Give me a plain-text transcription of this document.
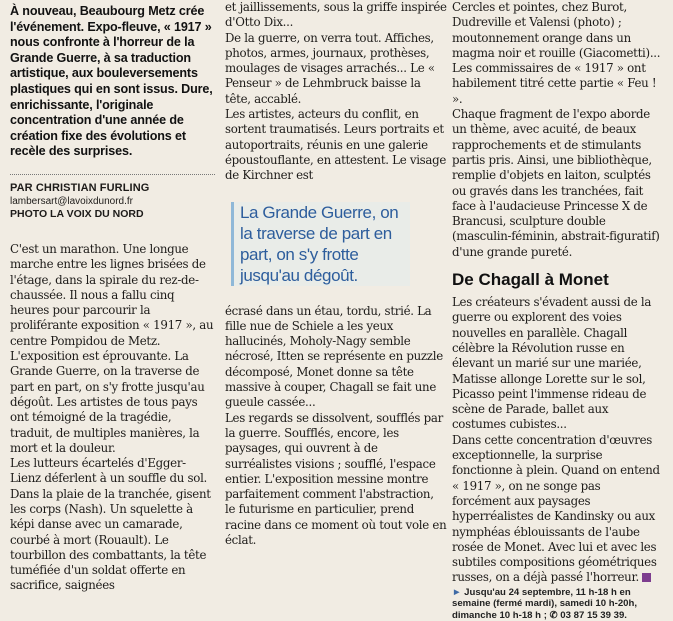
À nouveau, Beaubourg Metz crée l'événement. Expo-fleuve, « 1917 » nous confronte à l'horreur de la Grande Guerre, à sa traduction artistique, aux bouleversements plastiques qui en sont issus. Dure, enrichissante, l'originale concentration d'une année de création fixe des évolutions et recèle des surprises.
PAR CHRISTIAN FURLING
lambersart@lavoixdunord.fr
PHOTO LA VOIX DU NORD

C'est un marathon. Une longue marche entre les lignes brisées de l'étage, dans la spirale du rez-de-chaussée. Il nous a fallu cinq heures pour parcourir la proliférante exposition « 1917 », au centre Pompidou de Metz.

L'exposition est éprouvante. La Grande Guerre, on la traverse de part en part, on s'y frotte jusqu'au dégoût. Les artistes de tous pays ont témoigné de la tragédie, traduit, de multiples manières, la mort et la douleur.

Les lutteurs écartelés d'Egger-Lienz déferlent à un souffle du sol. Dans la plaie de la tranchée, gisent les corps (Nash). Un squelette à képi danse avec un camarade, courbé à mort (Rouault). Le tourbillon des combattants, la tête tuméfiée d'un soldat offerte en sacrifice, saignées

et jaillissements, sous la griffe inspirée d'Otto Dix...

De la guerre, on verra tout. Affiches, photos, armes, journaux, prothèses, moulages de visages arrachés... Le « Penseur » de Lehmbruck baisse la tête, accablé.

Les artistes, acteurs du conflit, en sortent traumatisés. Leurs portraits et autoportraits, réunis en une galerie époustouflante, en attestent. Le visage de Kirchner est

La Grande Guerre, on la traverse de part en part, on s'y frotte jusqu'au dégoût.

écrasé dans un étau, tordu, strié. La fille nue de Schiele a les yeux hallucinés, Moholy-Nagy semble nécrosé, Itten se représente en puzzle décomposé, Monet donne sa tête massive à couper, Chagall se fait une gueule cassée...

Les regards se dissolvent, soufflés par la guerre. Soufflés, encore, les paysages, qui ouvrent à de surréalistes visions ; soufflé, l'espace entier. L'exposition messine montre parfaitement comment l'abstraction, le futurisme en particulier, prend racine dans ce moment où tout vole en éclat.

Cercles et pointes, chez Burot, Dudreville et Valensi (photo) ; moutonnement orange dans un magma noir et rouille (Giacometti)... Les commissaires de « 1917 » ont habilement titré cette partie « Feu ! ».

Chaque fragment de l'expo aborde un thème, avec acuité, de beaux rapprochements et de stimulants partis pris. Ainsi, une bibliothèque, remplie d'objets en laiton, sculptés ou gravés dans les tranchées, fait face à l'audacieuse Princesse X de Brancusi, sculpture double (masculin-féminin, abstrait-figuratif) d'une grande pureté.

De Chagall à Monet

Les créateurs s'évadent aussi de la guerre ou explorent des voies nouvelles en parallèle. Chagall célèbre la Révolution russe en élevant un marié sur une mariée, Matisse allonge Lorette sur le sol, Picasso peint l'immense rideau de scène de Parade, ballet aux costumes cubistes...

Dans cette concentration d'œuvres exceptionnelle, la surprise fonctionne à plein. Quand on entend « 1917 », on ne songe pas forcément aux paysages hyperréalistes de Kandinsky ou aux nymphéas éblouissants de l'aube rosée de Monet. Avec lui et avec les subtiles compositions géométriques russes, on a déjà passé l'horreur.

► Jusqu'au 24 septembre, 11 h-18 h en semaine (fermé mardi), samedi 10 h-20h, dimanche 10 h-18 h ; ✆ 03 87 15 39 39.
